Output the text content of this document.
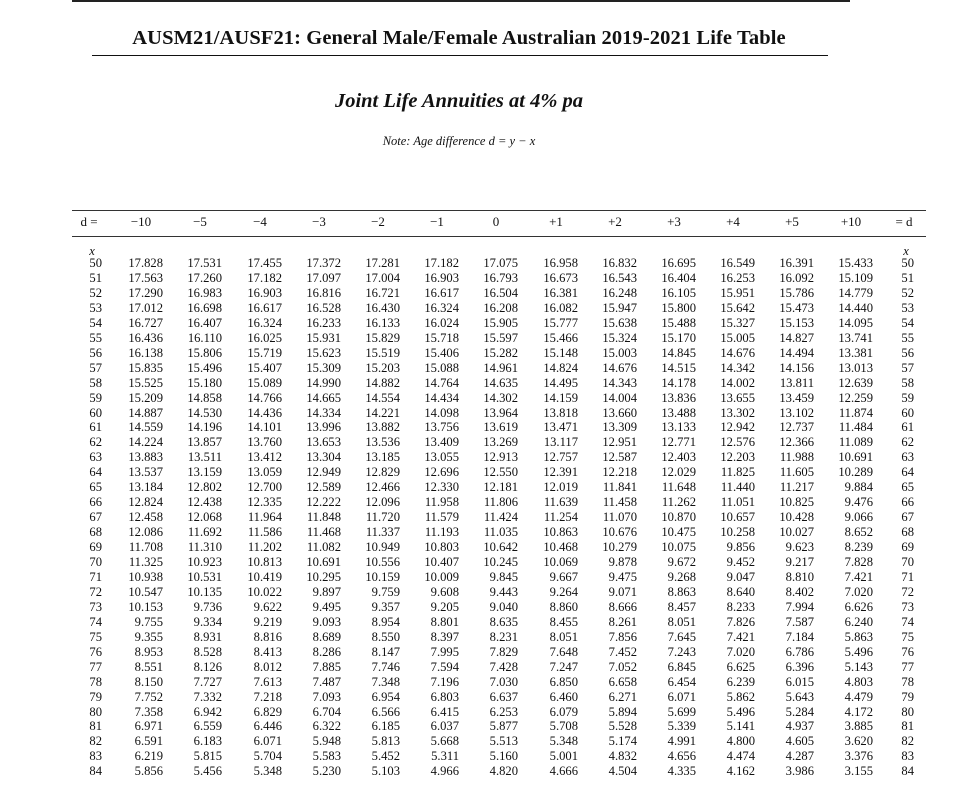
AUSM21/AUSF21: General Male/Female Australian 2019-2021 Life Table
Joint Life Annuities at 4% pa
Note: Age difference d = y − x
d =	−10	−5	−4	−3	−2	−1	0	+1	+2	+3	+4	+5	+10	= d
x	x
50	17.828	17.531	17.455	17.372	17.281	17.182	17.075	16.958	16.832	16.695	16.549	16.391	15.433	50
51	17.563	17.260	17.182	17.097	17.004	16.903	16.793	16.673	16.543	16.404	16.253	16.092	15.109	51
52	17.290	16.983	16.903	16.816	16.721	16.617	16.504	16.381	16.248	16.105	15.951	15.786	14.779	52
53	17.012	16.698	16.617	16.528	16.430	16.324	16.208	16.082	15.947	15.800	15.642	15.473	14.440	53
54	16.727	16.407	16.324	16.233	16.133	16.024	15.905	15.777	15.638	15.488	15.327	15.153	14.095	54
55	16.436	16.110	16.025	15.931	15.829	15.718	15.597	15.466	15.324	15.170	15.005	14.827	13.741	55
56	16.138	15.806	15.719	15.623	15.519	15.406	15.282	15.148	15.003	14.845	14.676	14.494	13.381	56
57	15.835	15.496	15.407	15.309	15.203	15.088	14.961	14.824	14.676	14.515	14.342	14.156	13.013	57
58	15.525	15.180	15.089	14.990	14.882	14.764	14.635	14.495	14.343	14.178	14.002	13.811	12.639	58
59	15.209	14.858	14.766	14.665	14.554	14.434	14.302	14.159	14.004	13.836	13.655	13.459	12.259	59
60	14.887	14.530	14.436	14.334	14.221	14.098	13.964	13.818	13.660	13.488	13.302	13.102	11.874	60
61	14.559	14.196	14.101	13.996	13.882	13.756	13.619	13.471	13.309	13.133	12.942	12.737	11.484	61
62	14.224	13.857	13.760	13.653	13.536	13.409	13.269	13.117	12.951	12.771	12.576	12.366	11.089	62
63	13.883	13.511	13.412	13.304	13.185	13.055	12.913	12.757	12.587	12.403	12.203	11.988	10.691	63
64	13.537	13.159	13.059	12.949	12.829	12.696	12.550	12.391	12.218	12.029	11.825	11.605	10.289	64
65	13.184	12.802	12.700	12.589	12.466	12.330	12.181	12.019	11.841	11.648	11.440	11.217	9.884	65
66	12.824	12.438	12.335	12.222	12.096	11.958	11.806	11.639	11.458	11.262	11.051	10.825	9.476	66
67	12.458	12.068	11.964	11.848	11.720	11.579	11.424	11.254	11.070	10.870	10.657	10.428	9.066	67
68	12.086	11.692	11.586	11.468	11.337	11.193	11.035	10.863	10.676	10.475	10.258	10.027	8.652	68
69	11.708	11.310	11.202	11.082	10.949	10.803	10.642	10.468	10.279	10.075	9.856	9.623	8.239	69
70	11.325	10.923	10.813	10.691	10.556	10.407	10.245	10.069	9.878	9.672	9.452	9.217	7.828	70
71	10.938	10.531	10.419	10.295	10.159	10.009	9.845	9.667	9.475	9.268	9.047	8.810	7.421	71
72	10.547	10.135	10.022	9.897	9.759	9.608	9.443	9.264	9.071	8.863	8.640	8.402	7.020	72
73	10.153	9.736	9.622	9.495	9.357	9.205	9.040	8.860	8.666	8.457	8.233	7.994	6.626	73
74	9.755	9.334	9.219	9.093	8.954	8.801	8.635	8.455	8.261	8.051	7.826	7.587	6.240	74
75	9.355	8.931	8.816	8.689	8.550	8.397	8.231	8.051	7.856	7.645	7.421	7.184	5.863	75
76	8.953	8.528	8.413	8.286	8.147	7.995	7.829	7.648	7.452	7.243	7.020	6.786	5.496	76
77	8.551	8.126	8.012	7.885	7.746	7.594	7.428	7.247	7.052	6.845	6.625	6.396	5.143	77
78	8.150	7.727	7.613	7.487	7.348	7.196	7.030	6.850	6.658	6.454	6.239	6.015	4.803	78
79	7.752	7.332	7.218	7.093	6.954	6.803	6.637	6.460	6.271	6.071	5.862	5.643	4.479	79
80	7.358	6.942	6.829	6.704	6.566	6.415	6.253	6.079	5.894	5.699	5.496	5.284	4.172	80
81	6.971	6.559	6.446	6.322	6.185	6.037	5.877	5.708	5.528	5.339	5.141	4.937	3.885	81
82	6.591	6.183	6.071	5.948	5.813	5.668	5.513	5.348	5.174	4.991	4.800	4.605	3.620	82
83	6.219	5.815	5.704	5.583	5.452	5.311	5.160	5.001	4.832	4.656	4.474	4.287	3.376	83
84	5.856	5.456	5.348	5.230	5.103	4.966	4.820	4.666	4.504	4.335	4.162	3.986	3.155	84
